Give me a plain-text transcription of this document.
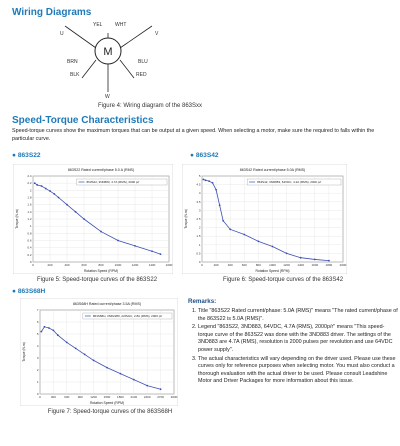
Wiring Diagrams
M
U
YEL	WHT
V
BRN	BLU
BLK	RED
W
Figure 4: Wiring diagram of the 863Sxx
Speed-Torque Characteristics
Speed-torque curves show the maximum torques that can be output at a given speed. When selecting a motor, make sure the required to falls within the particular curve.
● 863S22
863S22 Rated current/phase 5.0 A (RMS)
0	200	400	600	800	1000	1200	1400	1600
0
0.2
0.4
0.6
0.8
1
1.2
1.4
1.6
1.8
2
2.2
2.4
Rotation Speed (RPM)
Torque (N.m)
863S22, 3ND883, 4.7A (RMS), 2000 p/r
Figure 5: Speed-torque curves of the 863S22
● 863S42
863S42 Rated current/phase 5.0A (RMS)
0	200	400	600	800	1000 1200 1400 1600 1800 2000
0
0.5
1
1.5
2
2.5
3
3.5
4
4.5
5
Rotation Speed (RPM)
Torque (N.m)
863S42, 3ND883, 64VDC, 4.2A (RMS), 2000 p/r
Figure 6: Speed-torque curves of the 863S42
● 863S68H
863S68H Rated current/phase 3.5A (RMS)
0	300	600	900	1200 1500 1800 2100 2400 2700 3000
0
1
2
3
4
5
6
7
Rotation Speed (RPM)
Torque (N.m)
863S68H, 3ND2280, 220VAC, 2.8A (RMS), 2000 p/r
Figure 7: Speed-torque curves of the 863S68H
Remarks:
1. Title "863S22 Rated current/phase: 5.0A (RMS)" means "The rated current/phase of the 863S22 is 5.0A (RMS)".
2. Legend "863S22, 3ND883, 64VDC, 4.7A (RMS), 2000p/r" means "This speed-torque curve of the 863S22 was done with the 3ND883 driver. The settings of the 3ND883 are 4.7A (RMS), resolution is 2000 pulses per revolution and use 64VDC power supply".
3. The actual characteristics will vary depending on the driver used. Please use these curves only for reference purposes when selecting motor. You must also conduct a thorough evaluation with the actual driver to be used. Please consult Leadshine Motor and Driver Packages for more information about this issue.
